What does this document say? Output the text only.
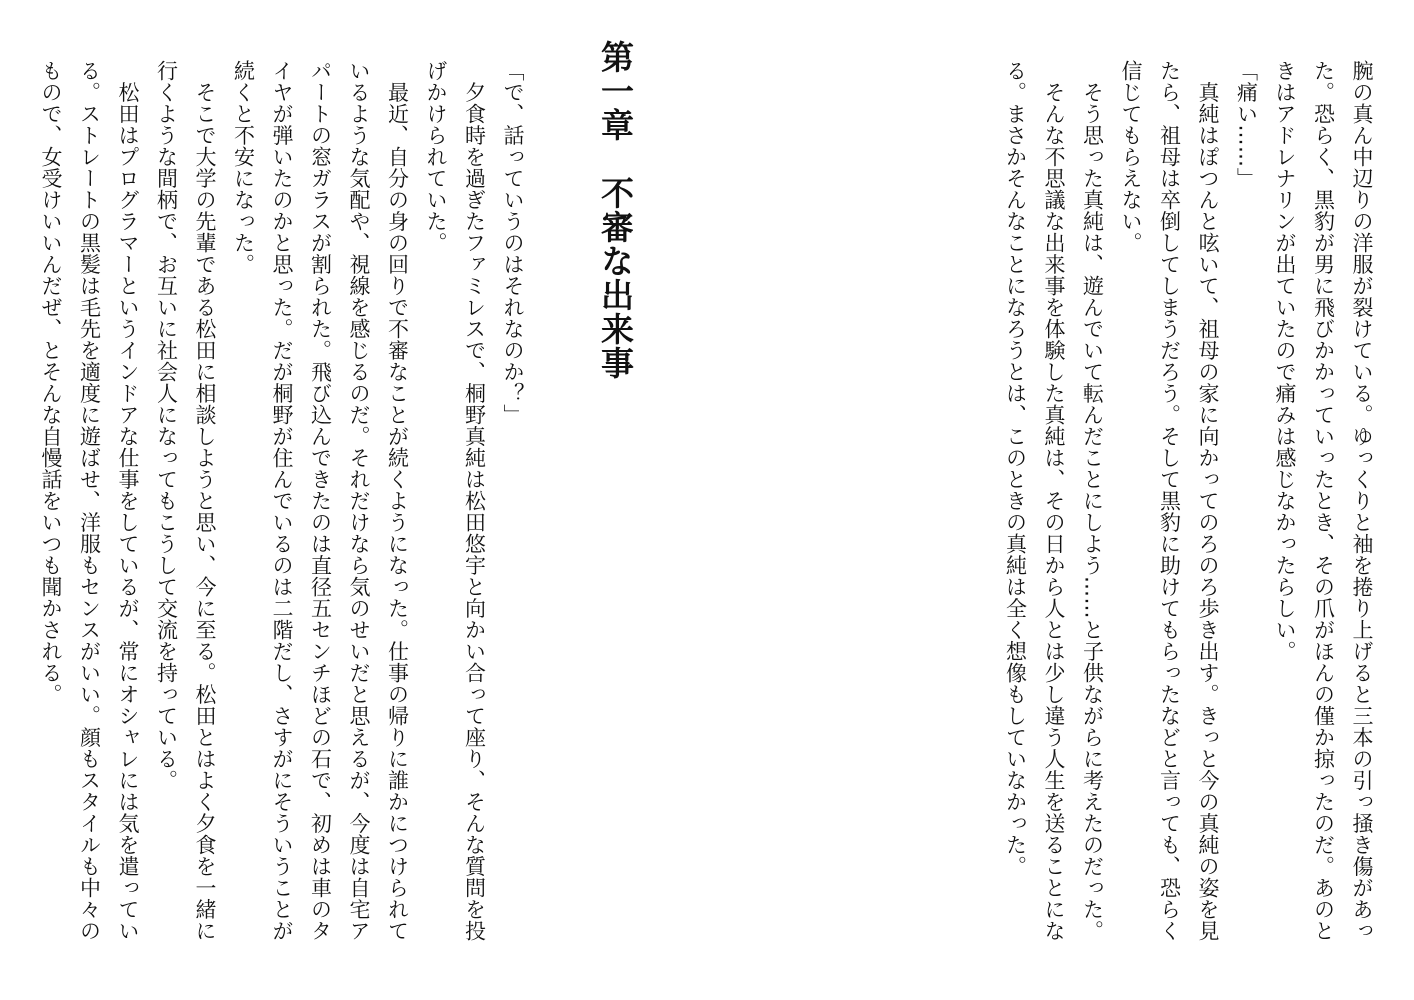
第一章　不審な出来事

「で、話っていうのはそれなのか？」
　夕食時を過ぎたファミレスで、桐野真純は松田悠宇と向かい合って座り、そんな質問を投げかけられていた。
　最近、自分の身の回りで不審なことが続くようになった。仕事の帰りに誰かにつけられているような気配や、視線を感じるのだ。それだけなら気のせいだと思えるが、今度は自宅アパートの窓ガラスが割られた。飛び込んできたのは直径五センチほどの石で、初めは車のタイヤが弾いたのかと思った。だが桐野が住んでいるのは二階だし、さすがにそういうことが続くと不安になった。
　そこで大学の先輩である松田に相談しようと思い、今に至る。松田とはよく夕食を一緒に行くような間柄で、お互いに社会人になってもこうして交流を持っている。
　松田はプログラマーというインドアな仕事をしているが、常にオシャレには気を遣っている。ストレートの黒髪は毛先を適度に遊ばせ、洋服もセンスがいい。顔もスタイルも中々のもので、女受けいいんだぜ、とそんな自慢話をいつも聞かされる。	腕の真ん中辺りの洋服が裂けている。ゆっくりと袖を捲り上げると三本の引っ掻き傷があった。恐らく、黒豹が男に飛びかかっていったとき、その爪がほんの僅か掠ったのだ。あのときはアドレナリンが出ていたので痛みは感じなかったらしい。
「痛い……」
　真純はぽつんと呟いて、祖母の家に向かってのろのろ歩き出す。きっと今の真純の姿を見たら、祖母は卒倒してしまうだろう。そして黒豹に助けてもらったなどと言っても、恐らく信じてもらえない。
　そう思った真純は、遊んでいて転んだことにしよう……と子供ながらに考えたのだった。
　そんな不思議な出来事を体験した真純は、その日から人とは少し違う人生を送ることになる。まさかそんなことになろうとは、このときの真純は全く想像もしていなかった。
